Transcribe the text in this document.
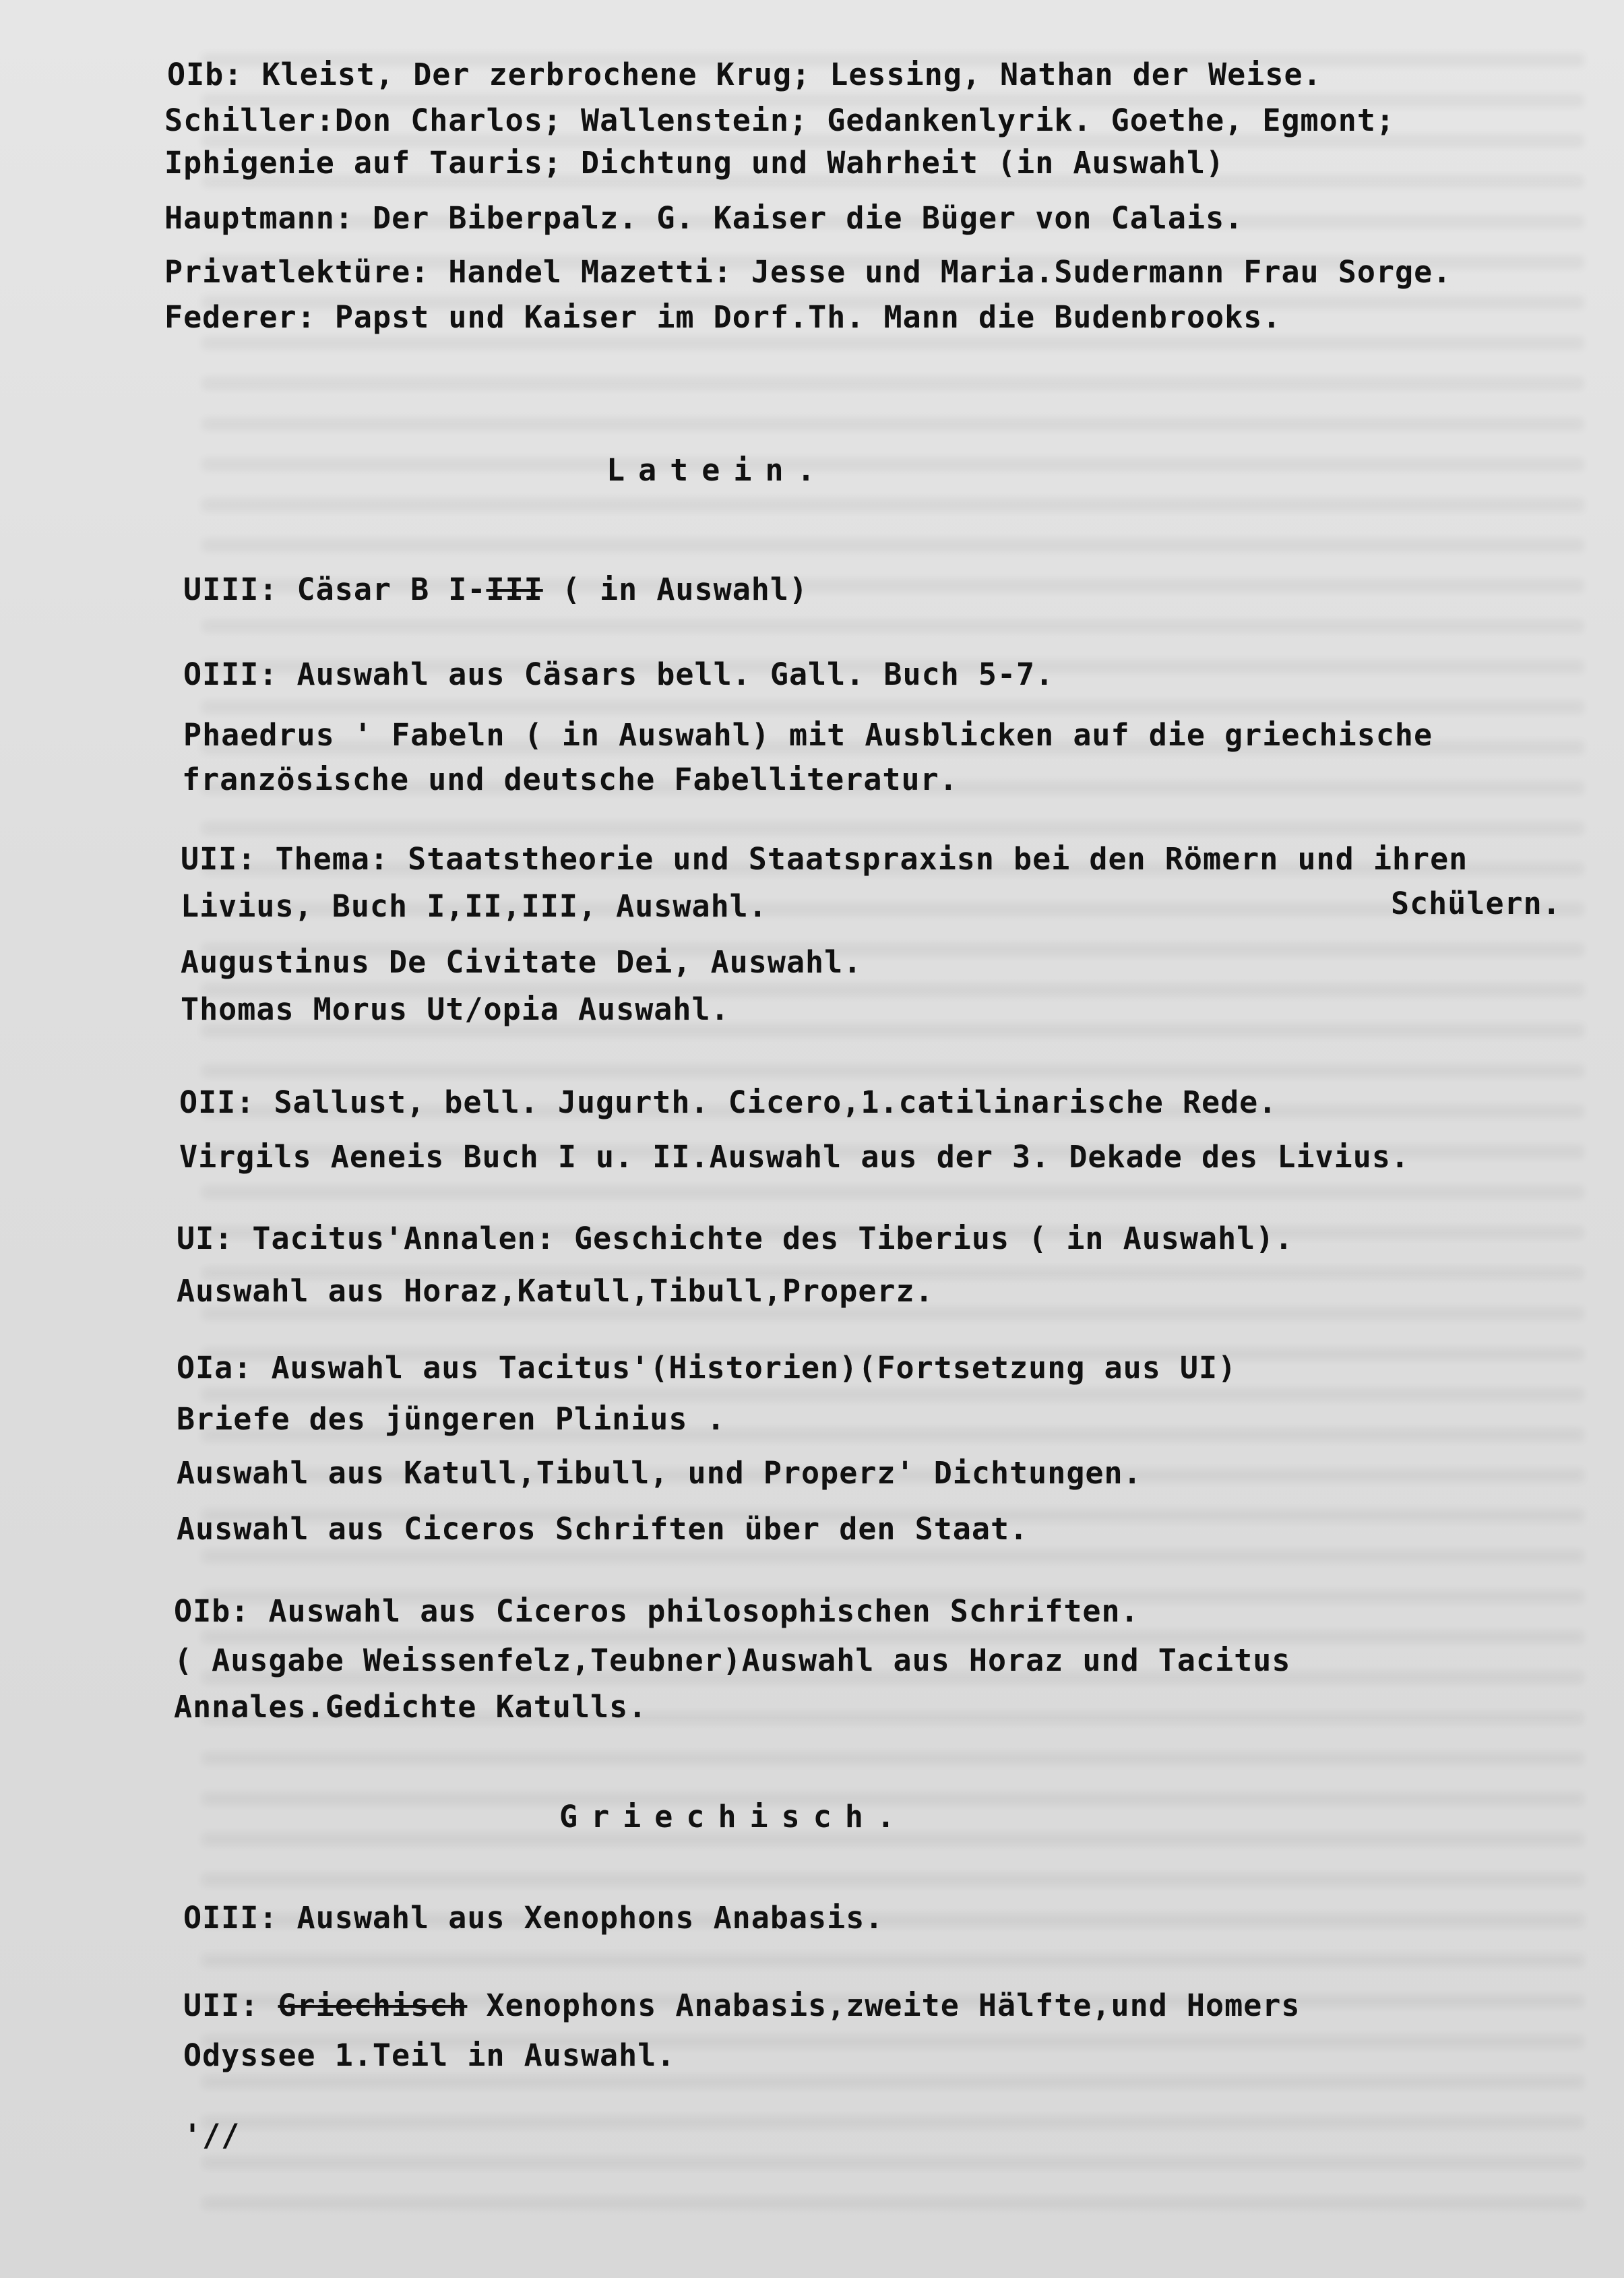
OIb: Kleist, Der zerbrochene Krug; Lessing, Nathan der Weise.
Schiller:Don Charlos; Wallenstein; Gedankenlyrik. Goethe, Egmont;
Iphigenie auf Tauris; Dichtung und Wahrheit (in Auswahl)
Hauptmann: Der Biberpalz. G. Kaiser die Büger von Calais.
Privatlektüre: Handel Mazetti: Jesse und Maria.Sudermann Frau Sorge.
Federer: Papst und Kaiser im Dorf.Th. Mann die Budenbrooks.
Latein.
UIII: Cäsar B I-III ( in Auswahl)
OIII: Auswahl aus Cäsars bell. Gall. Buch 5-7.
Phaedrus ' Fabeln ( in Auswahl) mit Ausblicken auf die griechische
französische und deutsche Fabelliteratur.
UII: Thema: Staatstheorie und Staatspraxisn bei den Römern und ihren
Livius, Buch I,II,III, Auswahl.	Schülern.
Augustinus De Civitate Dei, Auswahl.
Thomas Morus Ut/opia Auswahl.
OII: Sallust, bell. Jugurth. Cicero,1.catilinarische Rede.
Virgils Aeneis Buch I u. II.Auswahl aus der 3. Dekade des Livius.
UI: Tacitus'Annalen: Geschichte des Tiberius ( in Auswahl).
Auswahl aus Horaz,Katull,Tibull,Properz.
OIa: Auswahl aus Tacitus'(Historien)(Fortsetzung aus UI)
Briefe des jüngeren Plinius .
Auswahl aus Katull,Tibull, und Properz' Dichtungen.
Auswahl aus Ciceros Schriften über den Staat.
OIb: Auswahl aus Ciceros philosophischen Schriften.
( Ausgabe Weissenfelz,Teubner)Auswahl aus Horaz und Tacitus
Annales.Gedichte Katulls.
Griechisch.
OIII: Auswahl aus Xenophons Anabasis.
UII: Griechisch Xenophons Anabasis,zweite Hälfte,und Homers
Odyssee 1.Teil in Auswahl.
'//
